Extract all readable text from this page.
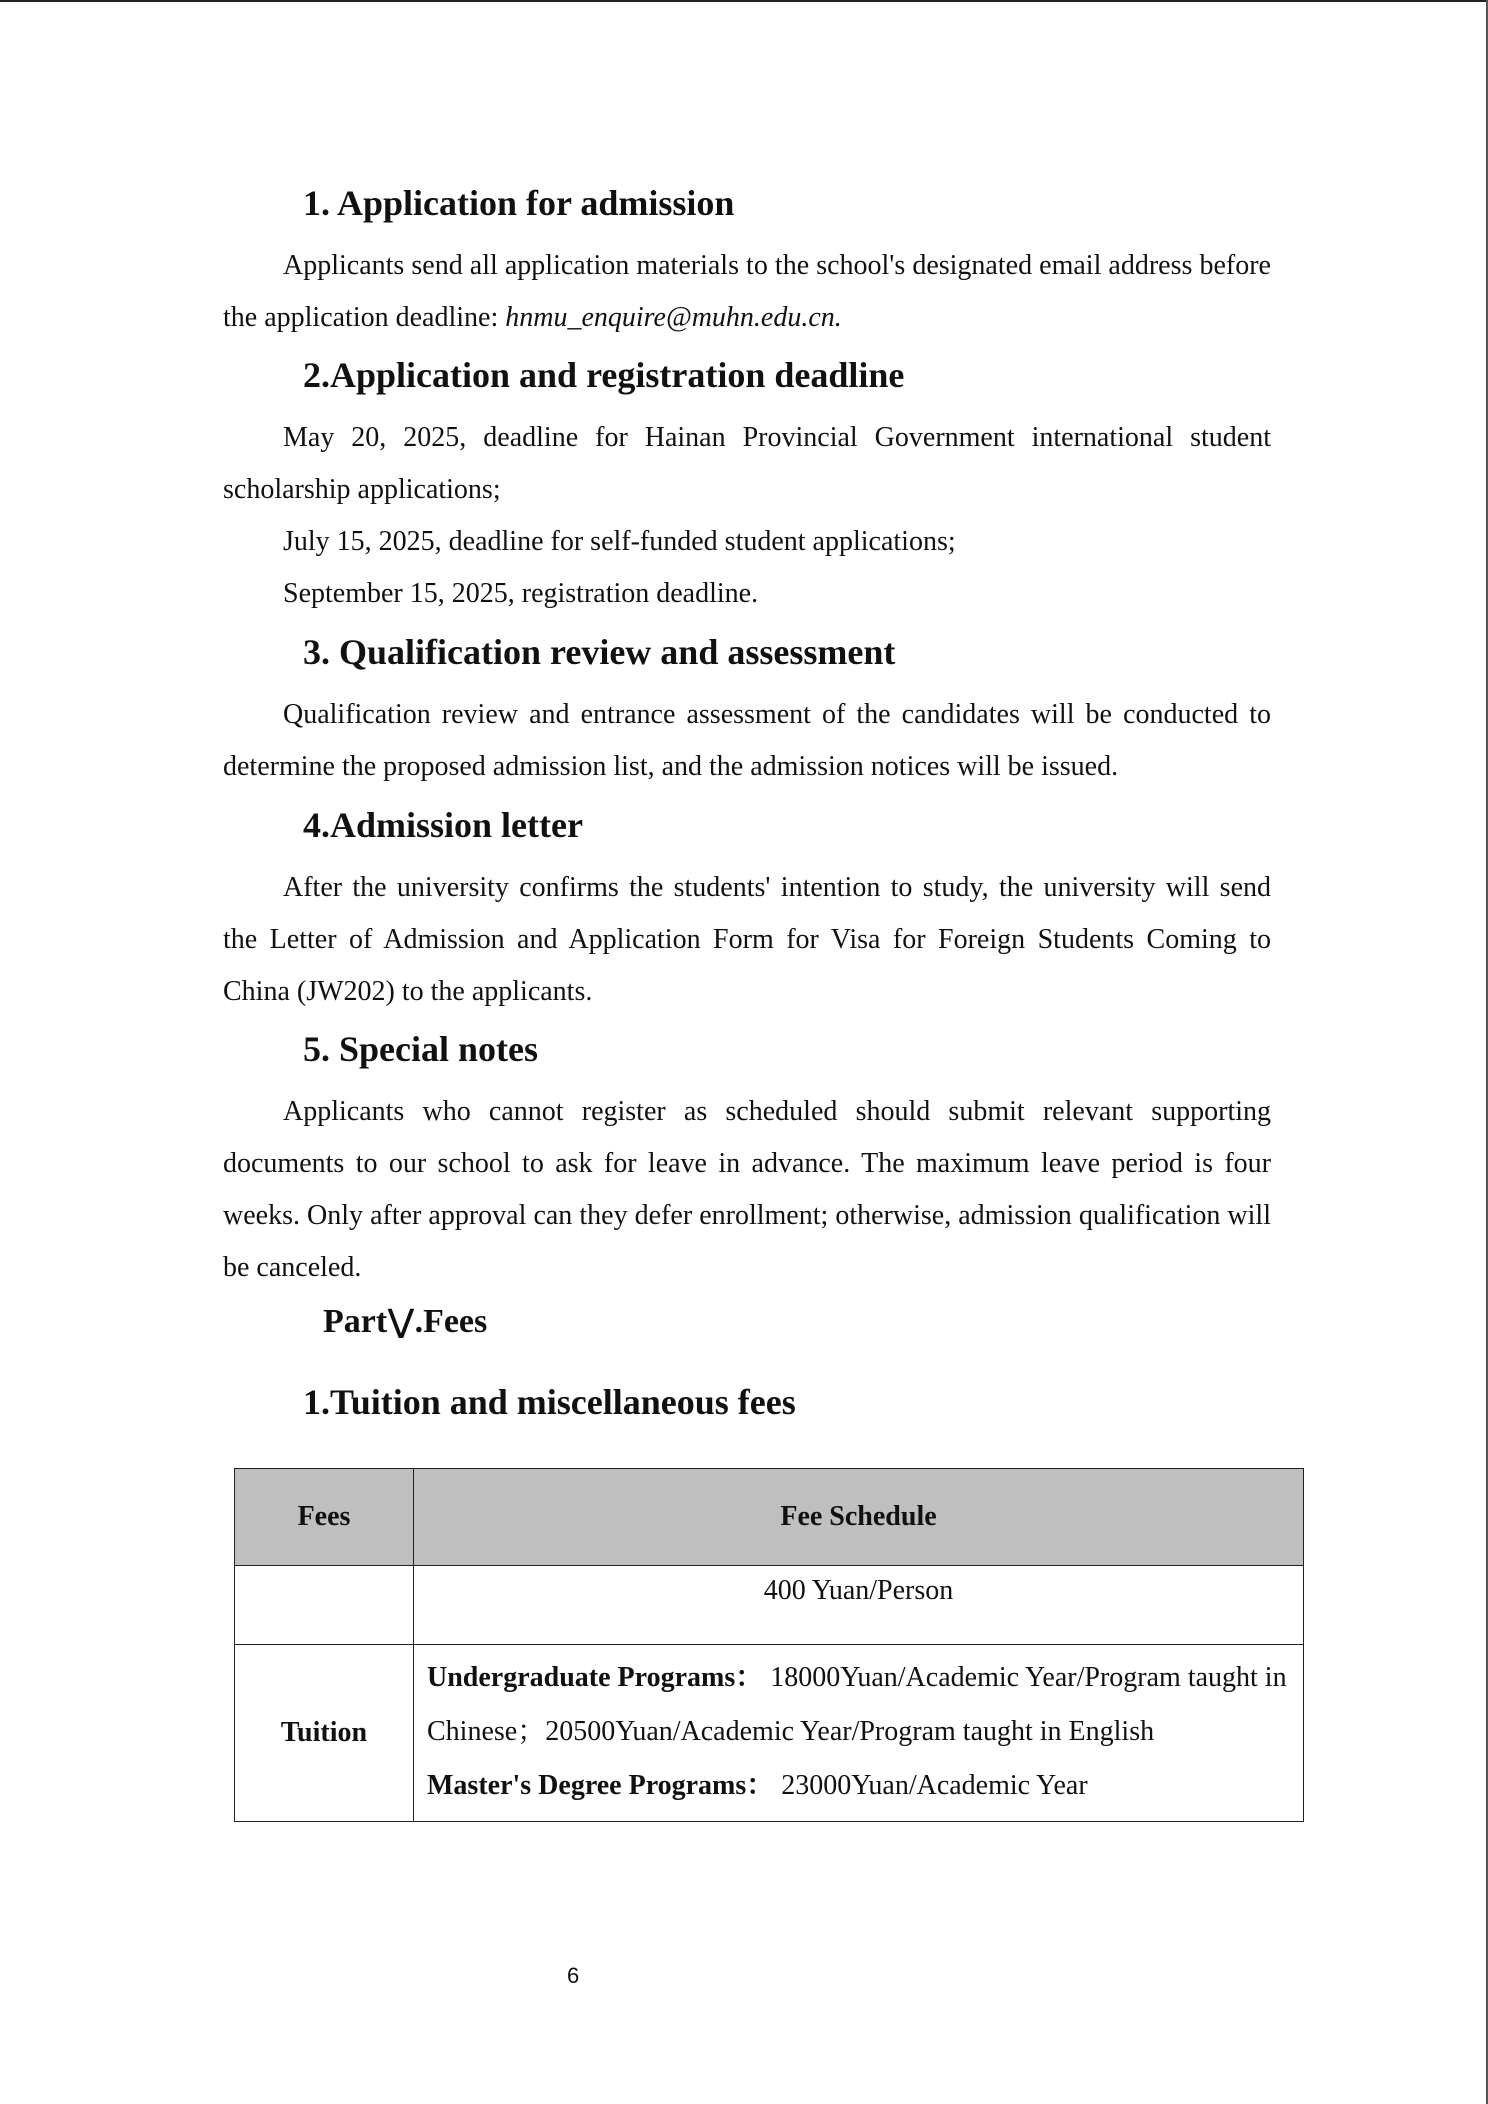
1. Application for admission

Applicants send all application materials to the school's designated email address before the application deadline: hnmu_enquire@muhn.edu.cn.

2.Application and registration deadline

May 20, 2025, deadline for Hainan Provincial Government international student scholarship applications;

July 15, 2025, deadline for self-funded student applications;

September 15, 2025, registration deadline.

3. Qualification review and assessment

Qualification review and entrance assessment of the candidates will be conducted to determine the proposed admission list, and the admission notices will be issued.

4.Admission letter

After the university confirms the students' intention to study, the university will send the Letter of Admission and Application Form for Visa for Foreign Students Coming to China (JW202) to the applicants.

5. Special notes

Applicants who cannot register as scheduled should submit relevant supporting documents to our school to ask for leave in advance. The maximum leave period is four weeks. Only after approval can they defer enrollment; otherwise, admission qualification will be canceled.

PartⅤ.Fees
1.Tuition and miscellaneous fees
Fees	Fee Schedule
	400 Yuan/Person
Tuition	Undergraduate Programs： 18000Yuan/Academic Year/Program taught in Chinese；20500Yuan/Academic Year/Program taught in English
Master's Degree Programs： 23000Yuan/Academic Year
6
